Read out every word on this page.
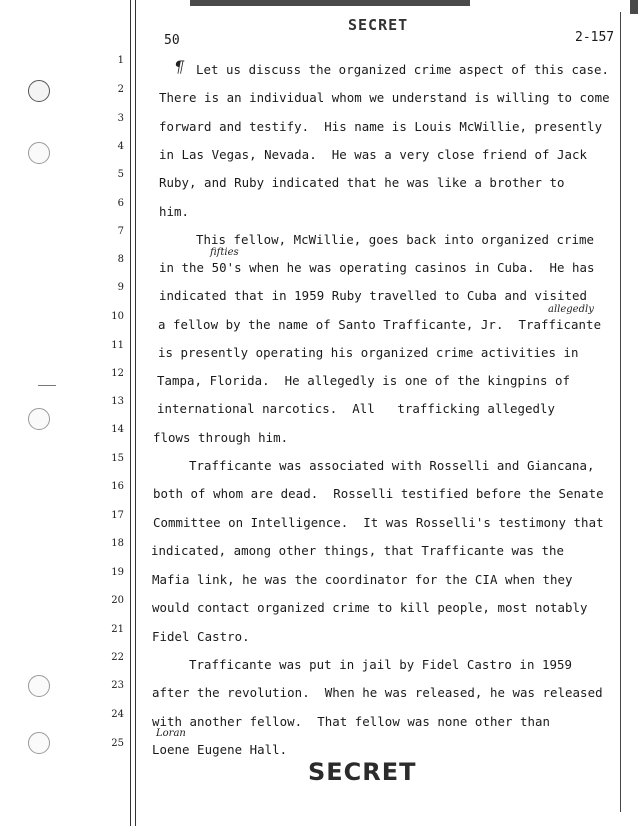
SECRET
50	2-157
1
2
3
4
5
6
7
8
9
10
11
12
13
14
15
16
17
18
19
20
21
22
23
24
25
¶
fifties
allegedly
Loran
Let us discuss the organized crime aspect of this case.
There is an individual whom we understand is willing to come
forward and testify.  His name is Louis McWillie, presently
in Las Vegas, Nevada.  He was a very close friend of Jack
Ruby, and Ruby indicated that he was like a brother to
him.
This fellow, McWillie, goes back into organized crime
in the 50's when he was operating casinos in Cuba.  He has
indicated that in 1959 Ruby travelled to Cuba and visited
a fellow by the name of Santo Trafficante, Jr.  Trafficante
is presently operating his organized crime activities in
Tampa, Florida.  He allegedly is one of the kingpins of
international narcotics.  All   trafficking allegedly
flows through him.
Trafficante was associated with Rosselli and Giancana,
both of whom are dead.  Rosselli testified before the Senate
Committee on Intelligence.  It was Rosselli's testimony that
indicated, among other things, that Trafficante was the
Mafia link, he was the coordinator for the CIA when they
would contact organized crime to kill people, most notably
Fidel Castro.
Trafficante was put in jail by Fidel Castro in 1959
after the revolution.  When he was released, he was released
with another fellow.  That fellow was none other than
Loene Eugene Hall.
SECRET
